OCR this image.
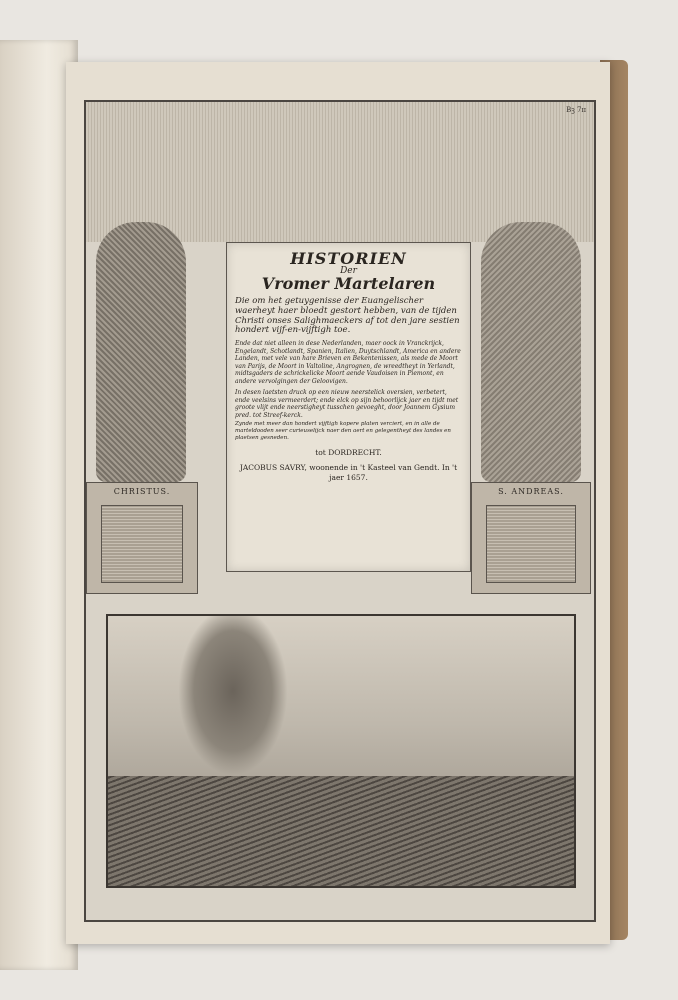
Bꝫ 7ɪɪ
CHRISTUS.	S. ANDREAS.
HISTORIEN
Der
Vromer Martelaren
Die om het getuygenisse der Euangelischer waerheyt haer bloedt gestort hebben, van de tijden Christi onses Salighmaeckers af tot den jare sestien hondert vijf-en-vijftigh toe.
Ende dat niet alleen in dese Nederlanden, maer oock in Vranckrijck, Engelandt, Schotlandt, Spanien, Italien, Duytschlandt, America en andere Landen, met vele van hare Brieven en Bekentenissen, als mede de Moort van Parijs, de Moort in Valtoline, Angrognen, de wreedtheyt in Yerlandt, midtsgaders de schrickelicke Moort aende Vaudoisen in Piemont, en andere vervolgingen der Geloovigen.
In desen laetsten druck op een nieuw neerstelick oversien, verbetert, ende veelsins vermeerdert; ende elck op sijn behoorlijck jaer en tijdt met groote vlijt ende neerstigheyt tusschen gevoeght, door Joannem Gysium pred. tot Streef-kerck.
Zynde met meer dan hondert vijftigh kopere platen verciert, en in alle de marteldooden seer curieuselijck naer den aert en gelegentheyt des landes en plaetsen gesneden.
tot DORDRECHT.
JACOBUS SAVRY, woonende in 't Kasteel van Gendt. In 't jaer 1657.
